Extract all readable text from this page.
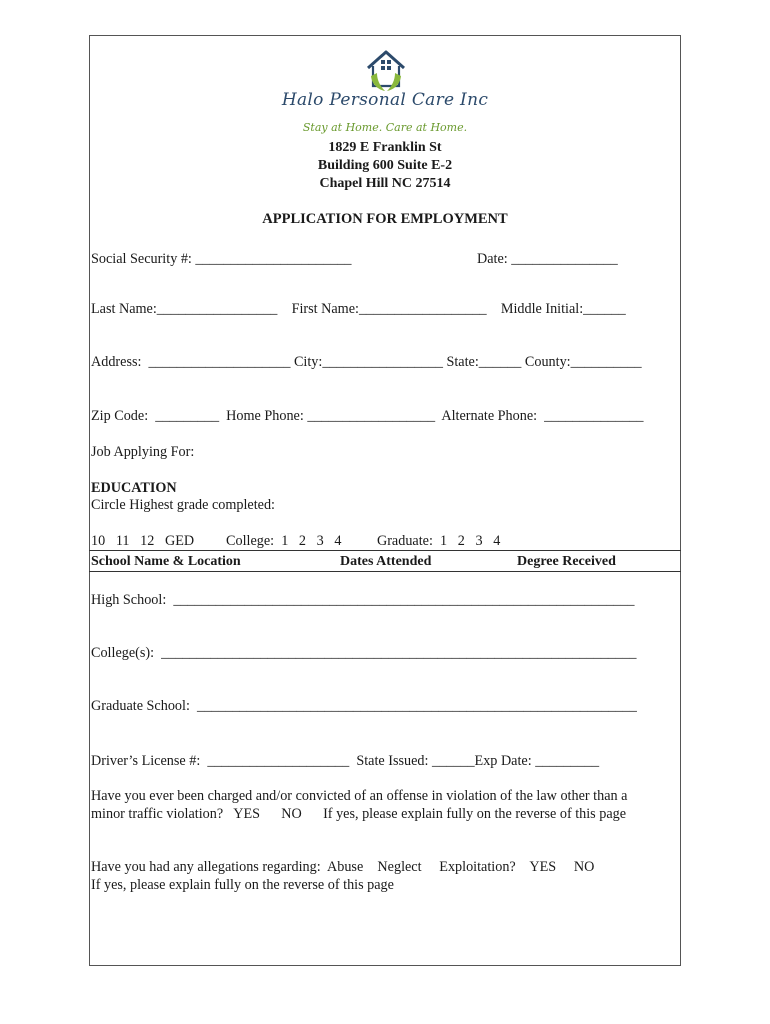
Halo Personal Care Inc
Stay at Home. Care at Home.
1829 E Franklin St
Building 600 Suite E-2
Chapel Hill NC 27514
APPLICATION FOR EMPLOYMENT
Social Security #: ______________________	Date: _______________
Last Name:_________________    First Name:__________________    Middle Initial:______
Address:  ____________________ City:_________________ State:______ County:__________
Zip Code:  _________  Home Phone: __________________  Alternate Phone:  ______________
Job Applying For:
EDUCATION
Circle Highest grade completed:
10   11   12   GED         College:  1   2   3   4          Graduate:  1   2   3   4
School Name & Location	Dates Attended	Degree Received
High School:  _________________________________________________________________
College(s):  ___________________________________________________________________
Graduate School:  ______________________________________________________________
Driver’s License #:  ____________________  State Issued: ______Exp Date: _________
Have you ever been charged and/or convicted of an offense in violation of the law other than a
minor traffic violation?   YES      NO      If yes, please explain fully on the reverse of this page
Have you had any allegations regarding:  Abuse    Neglect     Exploitation?    YES     NO
If yes, please explain fully on the reverse of this page
